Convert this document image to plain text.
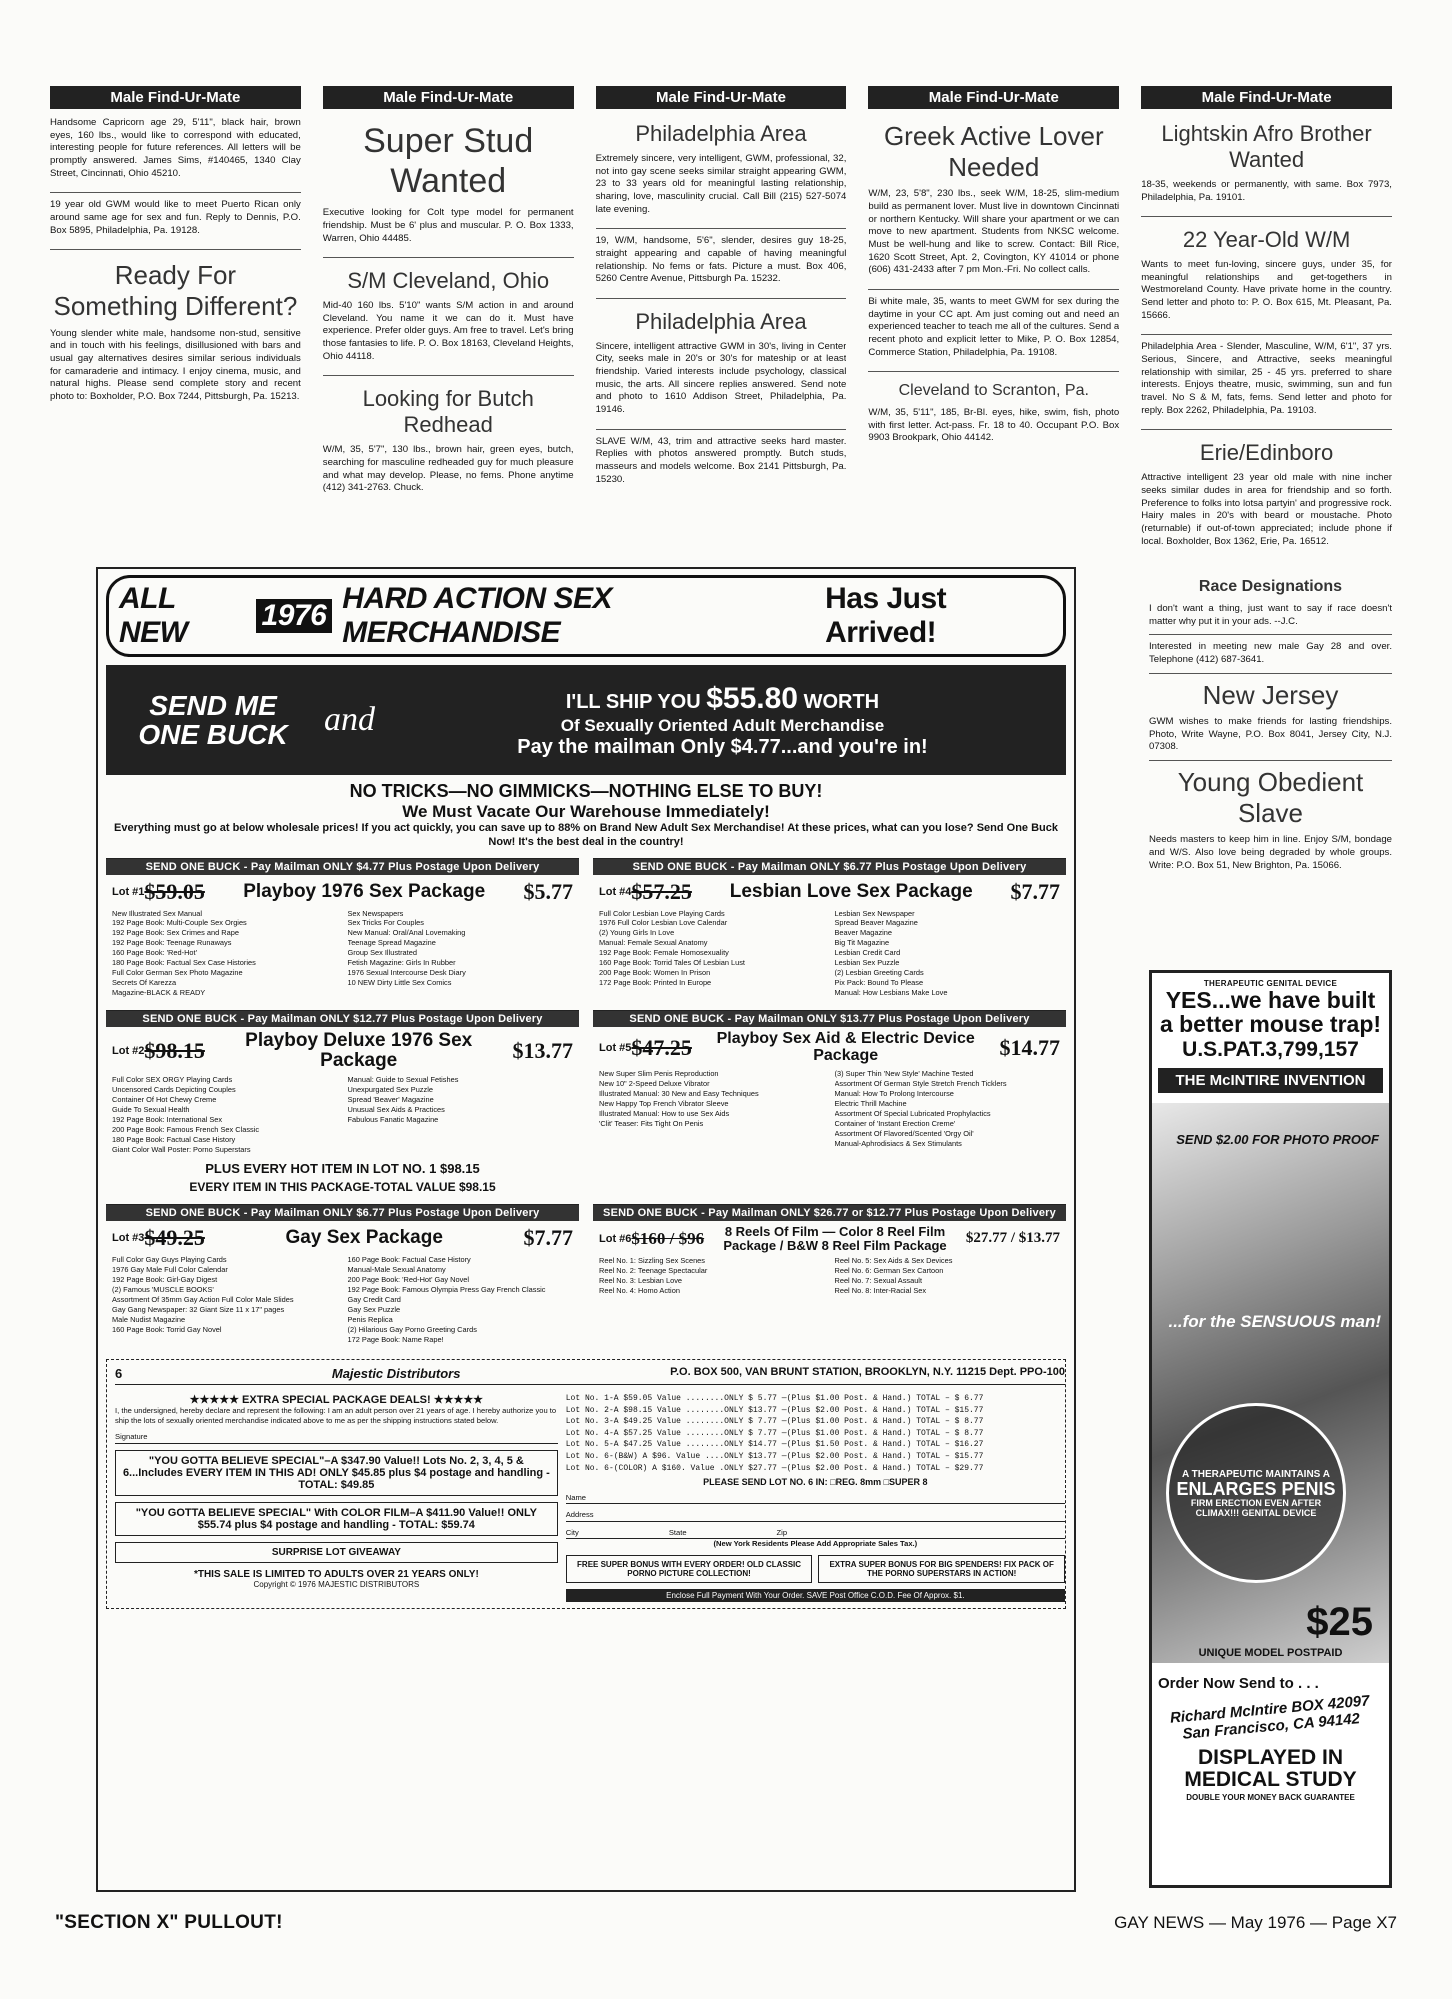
Male Find-Ur-Mate
Handsome Capricorn age 29, 5'11", black hair, brown eyes, 160 lbs., would like to correspond with educated, interesting people for future references. All letters will be promptly answered. James Sims, #140465, 1340 Clay Street, Cincinnati, Ohio 45210.
19 year old GWM would like to meet Puerto Rican only around same age for sex and fun. Reply to Dennis, P.O. Box 5895, Philadelphia, Pa. 19128.
Ready For Something Different?
Young slender white male, handsome non-stud, sensitive and in touch with his feelings, disillusioned with bars and usual gay alternatives desires similar serious individuals for camaraderie and intimacy. I enjoy cinema, music, and natural highs. Please send complete story and recent photo to: Boxholder, P.O. Box 7244, Pittsburgh, Pa. 15213.
Male Find-Ur-Mate
Super Stud Wanted
Executive looking for Colt type model for permanent friendship. Must be 6' plus and muscular. P. O. Box 1333, Warren, Ohio 44485.
S/M Cleveland, Ohio
Mid-40 160 lbs. 5'10" wants S/M action in and around Cleveland. You name it we can do it. Must have experience. Prefer older guys. Am free to travel. Let's bring those fantasies to life. P. O. Box 18163, Cleveland Heights, Ohio 44118.
Looking for Butch Redhead
W/M, 35, 5'7", 130 lbs., brown hair, green eyes, butch, searching for masculine redheaded guy for much pleasure and what may develop. Please, no fems. Phone anytime (412) 341-2763. Chuck.
Male Find-Ur-Mate
Philadelphia Area
Extremely sincere, very intelligent, GWM, professional, 32, not into gay scene seeks similar straight appearing GWM, 23 to 33 years old for meaningful lasting relationship, sharing, love, masculinity crucial. Call Bill (215) 527-5074 late evening.
19, W/M, handsome, 5'6", slender, desires guy 18-25, straight appearing and capable of having meaningful relationship. No fems or fats. Picture a must. Box 406, 5260 Centre Avenue, Pittsburgh Pa. 15232.
Philadelphia Area
Sincere, intelligent attractive GWM in 30's, living in Center City, seeks male in 20's or 30's for mateship or at least friendship. Varied interests include psychology, classical music, the arts. All sincere replies answered. Send note and photo to 1610 Addison Street, Philadelphia, Pa. 19146.
SLAVE W/M, 43, trim and attractive seeks hard master. Replies with photos answered promptly. Butch studs, masseurs and models welcome. Box 2141 Pittsburgh, Pa. 15230.
Male Find-Ur-Mate
Greek Active Lover Needed
W/M, 23, 5'8", 230 lbs., seek W/M, 18-25, slim-medium build as permanent lover. Must live in downtown Cincinnati or northern Kentucky. Will share your apartment or we can move to new apartment. Students from NKSC welcome. Must be well-hung and like to screw. Contact: Bill Rice, 1620 Scott Street, Apt. 2, Covington, KY 41014 or phone (606) 431-2433 after 7 pm Mon.-Fri. No collect calls.
Bi white male, 35, wants to meet GWM for sex during the daytime in your CC apt. Am just coming out and need an experienced teacher to teach me all of the cultures. Send a recent photo and explicit letter to Mike, P. O. Box 12854, Commerce Station, Philadelphia, Pa. 19108.
Cleveland to Scranton, Pa.
W/M, 35, 5'11", 185, Br-Bl. eyes, hike, swim, fish, photo with first letter. Act-pass. Fr. 18 to 40. Occupant P.O. Box 9903 Brookpark, Ohio 44142.
Male Find-Ur-Mate
Lightskin Afro Brother Wanted
18-35, weekends or permanently, with same. Box 7973, Philadelphia, Pa. 19101.
22 Year-Old W/M
Wants to meet fun-loving, sincere guys, under 35, for meaningful relationships and get-togethers in Westmoreland County. Have private home in the country. Send letter and photo to: P. O. Box 615, Mt. Pleasant, Pa. 15666.
Philadelphia Area - Slender, Masculine, W/M, 6'1", 37 yrs. Serious, Sincere, and Attractive, seeks meaningful relationship with similar, 25 - 45 yrs. preferred to share interests. Enjoys theatre, music, swimming, sun and fun travel. No S & M, fats, fems. Send letter and photo for reply. Box 2262, Philadelphia, Pa. 19103.
Erie/Edinboro
Attractive intelligent 23 year old male with nine incher seeks similar dudes in area for friendship and so forth. Preference to folks into lotsa partyin' and progressive rock. Hairy males in 20's with beard or moustache. Photo (returnable) if out-of-town appreciated; include phone if local. Boxholder, Box 1362, Erie, Pa. 16512.
Race Designations
I don't want a thing, just want to say if race doesn't matter why put it in your ads. --J.C.
Interested in meeting new male Gay 28 and over. Telephone (412) 687-3641.
New Jersey
GWM wishes to make friends for lasting friendships. Photo, Write Wayne, P.O. Box 8041, Jersey City, N.J. 07308.
Young Obedient Slave
Needs masters to keep him in line. Enjoy S/M, bondage and W/S. Also love being degraded by whole groups. Write: P.O. Box 51, New Brighton, Pa. 15066.
ALL NEW
1976
HARD ACTION SEX MERCHANDISE
Has Just Arrived!
SEND ME ONE BUCK	and	I'LL SHIP YOU $55.80 WORTH
Of Sexually Oriented Adult Merchandise
Pay the mailman Only $4.77...and you're in!
NO TRICKS—NO GIMMICKS—NOTHING ELSE TO BUY!
We Must Vacate Our Warehouse Immediately!
Everything must go at below wholesale prices! If you act quickly, you can save up to 88% on Brand New Adult Sex Merchandise! At these prices, what can you lose? Send One Buck Now! It's the best deal in the country!
SEND ONE BUCK - Pay Mailman ONLY $4.77 Plus Postage Upon Delivery
Lot #1 $59.05	Playboy 1976 Sex Package	$5.77
New Illustrated Sex Manual	Sex Newspapers
192 Page Book: Multi-Couple Sex Orgies	Sex Tricks For Couples
192 Page Book: Sex Crimes and Rape	New Manual: Oral/Anal Lovemaking
192 Page Book: Teenage Runaways	Teenage Spread Magazine
160 Page Book: 'Red-Hot'	Group Sex Illustrated
180 Page Book: Factual Sex Case Histories	Fetish Magazine: Girls In Rubber
Full Color German Sex Photo Magazine	1976 Sexual Intercourse Desk Diary
Secrets Of Karezza	10 NEW Dirty Little Sex Comics
Magazine-BLACK & READY
SEND ONE BUCK - Pay Mailman ONLY $6.77 Plus Postage Upon Delivery
Lot #4 $57.25	Lesbian Love Sex Package	$7.77
Full Color Lesbian Love Playing Cards	Lesbian Sex Newspaper
1976 Full Color Lesbian Love Calendar	Spread Beaver Magazine
(2) Young Girls In Love	Beaver Magazine
Manual: Female Sexual Anatomy	Big Tit Magazine
192 Page Book: Female Homosexuality	Lesbian Credit Card
160 Page Book: Torrid Tales Of Lesbian Lust	Lesbian Sex Puzzle
200 Page Book: Women In Prison	(2) Lesbian Greeting Cards
172 Page Book: Printed In Europe	Pix Pack: Bound To Please
Manual: How Lesbians Make Love
SEND ONE BUCK - Pay Mailman ONLY $12.77 Plus Postage Upon Delivery
Lot #2 $98.15	Playboy Deluxe 1976 Sex Package	$13.77
Full Color SEX ORGY Playing Cards	Manual: Guide to Sexual Fetishes
Uncensored Cards Depicting Couples	Unexpurgated Sex Puzzle
Container Of Hot Chewy Creme	Spread 'Beaver' Magazine
Guide To Sexual Health	Unusual Sex Aids & Practices
192 Page Book: International Sex	Fabulous Fanatic Magazine
200 Page Book: Famous French Sex Classic
180 Page Book: Factual Case History
Giant Color Wall Poster: Porno Superstars
PLUS EVERY HOT ITEM IN LOT NO. 1 $98.15
EVERY ITEM IN THIS PACKAGE-TOTAL VALUE $98.15
SEND ONE BUCK - Pay Mailman ONLY $13.77 Plus Postage Upon Delivery
Lot #5 $47.25	Playboy Sex Aid & Electric Device Package	$14.77
New Super Slim Penis Reproduction	(3) Super Thin 'New Style' Machine Tested
New 10" 2-Speed Deluxe Vibrator	Assortment Of German Style Stretch French Ticklers
Illustrated Manual: 30 New and Easy Techniques	Manual: How To Prolong Intercourse
New Happy Top French Vibrator Sleeve	Electric Thrill Machine
Illustrated Manual: How to use Sex Aids	Assortment Of Special Lubricated Prophylactics
'Clit' Teaser: Fits Tight On Penis	Container of 'Instant Erection Creme'
Assortment Of Flavored/Scented 'Orgy Oil'
Manual-Aphrodisiacs & Sex Stimulants
SEND ONE BUCK - Pay Mailman ONLY $6.77 Plus Postage Upon Delivery
Lot #3 $49.25	Gay Sex Package	$7.77
Full Color Gay Guys Playing Cards	160 Page Book: Factual Case History
1976 Gay Male Full Color Calendar	Manual-Male Sexual Anatomy
192 Page Book: Girl-Gay Digest	200 Page Book: 'Red-Hot' Gay Novel
(2) Famous 'MUSCLE BOOKS'	192 Page Book: Famous Olympia Press Gay French Classic
Assortment Of 35mm Gay Action Full Color Male Slides	Gay Credit Card
Gay Gang Newspaper: 32 Giant Size 11 x 17" pages	Gay Sex Puzzle
Male Nudist Magazine	Penis Replica
160 Page Book: Torrid Gay Novel	(2) Hilarious Gay Porno Greeting Cards
172 Page Book: Name Rape!
SEND ONE BUCK - Pay Mailman ONLY $26.77 or $12.77 Plus Postage Upon Delivery
Lot #6 $160 / $96	8 Reels Of Film — Color 8 Reel Film Package / B&W 8 Reel Film Package	$27.77 / $13.77
Reel No. 1: Sizzling Sex Scenes	Reel No. 5: Sex Aids & Sex Devices
Reel No. 2: Teenage Spectacular	Reel No. 6: German Sex Cartoon
Reel No. 3: Lesbian Love	Reel No. 7: Sexual Assault
Reel No. 4: Homo Action	Reel No. 8: Inter-Racial Sex
6	Majestic Distributors	P.O. BOX 500, VAN BRUNT STATION, BROOKLYN, N.Y. 11215 Dept. PPO-100
★★★★★ EXTRA SPECIAL PACKAGE DEALS! ★★★★★
I, the undersigned, hereby declare and represent the following: I am an adult person over 21 years of age. I hereby authorize you to ship the lots of sexually oriented merchandise indicated above to me as per the shipping instructions stated below.
Signature
"YOU GOTTA BELIEVE SPECIAL"–A $347.90 Value!! Lots No. 2, 3, 4, 5 & 6...Includes EVERY ITEM IN THIS AD! ONLY $45.85 plus $4 postage and handling - TOTAL: $49.85
"YOU GOTTA BELIEVE SPECIAL" With COLOR FILM–A $411.90 Value!! ONLY $55.74 plus $4 postage and handling - TOTAL: $59.74
SURPRISE LOT GIVEAWAY
*THIS SALE IS LIMITED TO ADULTS OVER 21 YEARS ONLY!
Copyright © 1976 MAJESTIC DISTRIBUTORS
Lot No. 1-A $59.05 Value ........ONLY $ 5.77 —(Plus $1.00 Post. & Hand.) TOTAL – $ 6.77
Lot No. 2-A $98.15 Value ........ONLY $13.77 —(Plus $2.00 Post. & Hand.) TOTAL – $15.77
Lot No. 3-A $49.25 Value ........ONLY $ 7.77 —(Plus $1.00 Post. & Hand.) TOTAL – $ 8.77
Lot No. 4-A $57.25 Value ........ONLY $ 7.77 —(Plus $1.00 Post. & Hand.) TOTAL – $ 8.77
Lot No. 5-A $47.25 Value ........ONLY $14.77 —(Plus $1.50 Post. & Hand.) TOTAL – $16.27
Lot No. 6-(B&W) A $96. Value ....ONLY $13.77 —(Plus $2.00 Post. & Hand.) TOTAL – $15.77
Lot No. 6-(COLOR) A $160. Value .ONLY $27.77 —(Plus $2.00 Post. & Hand.) TOTAL – $29.77
PLEASE SEND LOT NO. 6 IN: □REG. 8mm □SUPER 8
Name
Address
City	State	Zip
(New York Residents Please Add Appropriate Sales Tax.)
FREE SUPER BONUS WITH EVERY ORDER! OLD CLASSIC PORNO PICTURE COLLECTION!
EXTRA SUPER BONUS FOR BIG SPENDERS! FIX PACK OF THE PORNO SUPERSTARS IN ACTION!
Enclose Full Payment With Your Order. SAVE Post Office C.O.D. Fee Of Approx. $1.
THERAPEUTIC GENITAL DEVICE
YES...we have built a better mouse trap!
U.S.PAT.3,799,157
THE McINTIRE INVENTION
SEND $2.00 FOR PHOTO PROOF
...for the SENSUOUS man!
A THERAPEUTIC MAINTAINS A
ENLARGES PENIS
FIRM ERECTION EVEN AFTER CLIMAX!!! GENITAL DEVICE
$25
UNIQUE MODEL POSTPAID
Order Now Send to . . .
Richard McIntire BOX 42097 San Francisco, CA 94142
DISPLAYED IN MEDICAL STUDY
DOUBLE YOUR MONEY BACK GUARANTEE
"SECTION X" PULLOUT!	GAY NEWS — May 1976 — Page X7
